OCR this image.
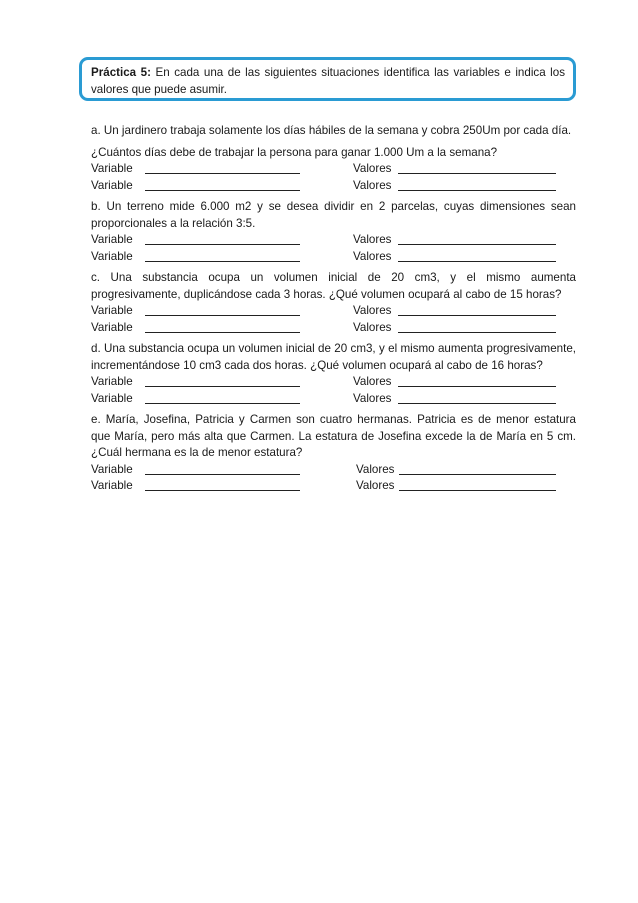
Práctica 5: En cada una de las siguientes situaciones identifica las variables e indica los valores que puede asumir.

a. Un jardinero trabaja solamente los días hábiles de la semana y cobra 250Um por cada día.

¿Cuántos días debe de trabajar la persona para ganar 1.000 Um a la semana?

Variable	Valores
Variable	Valores

b. Un terreno mide 6.000 m2 y se desea dividir en 2 parcelas, cuyas dimensiones sean proporcionales a la relación 3:5.

Variable	Valores
Variable	Valores

c. Una substancia ocupa un volumen inicial de 20 cm3, y el mismo aumenta

progresivamente, duplicándose cada 3 horas. ¿Qué volumen ocupará al cabo de 15 horas?

Variable	Valores
Variable	Valores

d. Una substancia ocupa un volumen inicial de 20 cm3, y el mismo aumenta progresivamente, incrementándose 10 cm3 cada dos horas. ¿Qué volumen ocupará al cabo de 16 horas?

Variable	Valores
Variable	Valores

e. María, Josefina, Patricia y Carmen son cuatro hermanas. Patricia es de menor estatura

que María, pero más alta que Carmen. La estatura de Josefina excede la de María en 5 cm.

¿Cuál hermana es la de menor estatura?

Variable	Valores
Variable	Valores
